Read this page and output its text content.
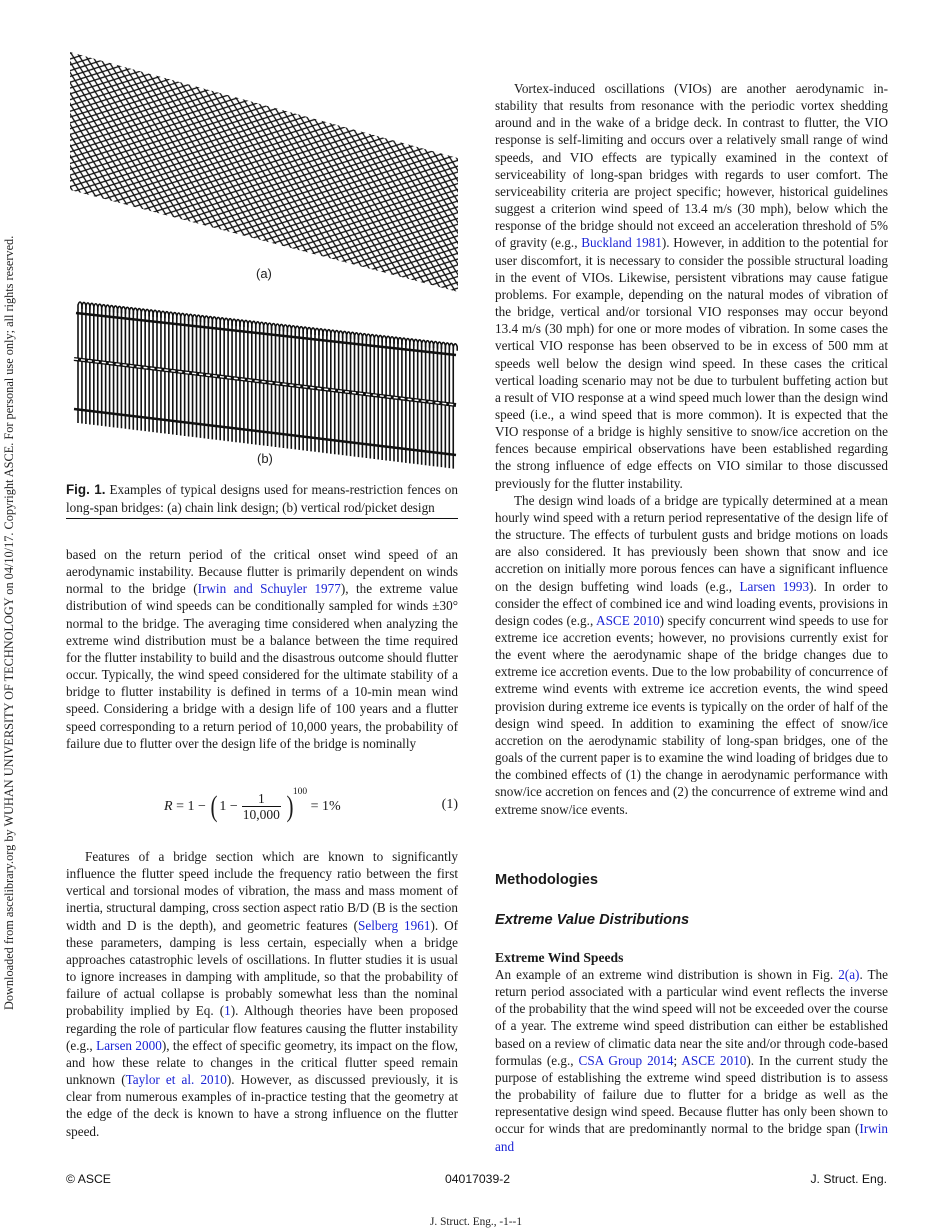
Downloaded from ascelibrary.org by WUHAN UNIVERSITY OF TECHNOLOGY on 04/10/17. Copyright ASCE. For personal use only; all rights reserved.	(a)
(b)
Fig. 1. Examples of typical designs used for means-restriction fences on long-span bridges: (a) chain link design; (b) vertical rod/picket design

based on the return period of the critical onset wind speed of an aerodynamic instability. Because flutter is primarily dependent on winds normal to the bridge (Irwin and Schuyler 1977), the extreme value distribution of wind speeds can be conditionally sampled for winds ±30° normal to the bridge. The averaging time considered when analyzing the extreme wind distribution must be a balance between the time required for the flutter instability to build and the disastrous outcome should flutter occur. Typically, the wind speed considered for the ultimate stability of a bridge to flutter instability is defined in terms of a 10-min mean wind speed. Considering a bridge with a design life of 100 years and a flutter speed corresponding to a return period of 10,000 years, the probability of failure due to flutter over the design life of the bridge is nominally

R
= 1 −
( $1 - \frac{1}{10,000}$ ) 100

= 1%	(1)

Features of a bridge section which are known to significantly influence the flutter speed include the frequency ratio between the first vertical and torsional modes of vibration, the mass and mass moment of inertia, structural damping, cross section aspect ratio B/D (B is the section width and D is the depth), and geometric features (Selberg 1961). Of these parameters, damping is less certain, especially when a bridge approaches catastrophic levels of oscillations. In flutter studies it is usual to ignore increases in damping with amplitude, so that the probability of failure of actual collapse is probably somewhat less than the nominal probability implied by Eq. (1). Although theories have been proposed regarding the role of particular flow features causing the flutter instability (e.g., Larsen 2000), the effect of specific geometry, its impact on the flow, and how these relate to changes in the critical flutter speed remain unknown (Taylor et al. 2010). However, as discussed previously, it is clear from numerous examples of in-practice testing that the geometry at the edge of the deck is known to have a strong influence on the flutter speed.

Vortex-induced oscillations (VIOs) are another aerodynamic instability that results from resonance with the periodic vortex shedding around and in the wake of a bridge deck. In contrast to flutter, the VIO response is self-limiting and occurs over a relatively small range of wind speeds, and VIO effects are typically examined in the context of serviceability of long-span bridges with regards to user comfort. The serviceability criteria are project specific; however, historical guidelines suggest a criterion wind speed of 13.4 m/s (30 mph), below which the response of the bridge should not exceed an acceleration threshold of 5% of gravity (e.g., Buckland 1981). However, in addition to the potential for user discomfort, it is necessary to consider the possible structural loading in the event of VIOs. Likewise, persistent vibrations may cause fatigue problems. For example, depending on the natural modes of vibration of the bridge, vertical and/or torsional VIO responses may occur beyond 13.4 m/s (30 mph) for one or more modes of vibration. In some cases the vertical VIO response has been observed to be in excess of 500 mm at speeds well below the design wind speed. In these cases the critical vertical loading scenario may not be due to turbulent buffeting action but a result of VIO response at a wind speed much lower than the design wind speed (i.e., a wind speed that is more common). It is expected that the VIO response of a bridge is highly sensitive to snow/ice accretion on the fences because empirical observations have been established regarding the strong influence of edge effects on VIO similar to those discussed previously for the flutter instability.

The design wind loads of a bridge are typically determined at a mean hourly wind speed with a return period representative of the design life of the structure. The effects of turbulent gusts and bridge motions on loads are also considered. It has previously been shown that snow and ice accretion on initially more porous fences can have a significant influence on the design buffeting wind loads (e.g., Larsen 1993). In order to consider the effect of combined ice and wind loading events, provisions in design codes (e.g., ASCE 2010) specify concurrent wind speeds to use for extreme ice accretion events; however, no provisions currently exist for the event where the aerodynamic shape of the bridge changes due to extreme ice accretion events. Due to the low probability of concurrence of extreme wind events with extreme ice accretion events, the wind speed provision during extreme ice events is typically on the order of half of the design wind speed. In addition to examining the effect of snow/ice accretion on the aerodynamic stability of long-span bridges, one of the goals of the current paper is to examine the wind loading of bridges due to the combined effects of (1) the change in aerodynamic performance with snow/ice accretion on fences and (2) the concurrence of extreme wind and extreme snow/ice events.

Methodologies
Extreme Value Distributions
Extreme Wind Speeds

An example of an extreme wind distribution is shown in Fig. 2(a). The return period associated with a particular wind event reflects the inverse of the probability that the wind speed will not be exceeded over the course of a year. The extreme wind speed distribution can either be established based on a review of climatic data near the site and/or through code-based formulas (e.g., CSA Group 2014; ASCE 2010). In the current study the purpose of establishing the extreme wind speed distribution is to assess the probability of failure due to flutter for a bridge as well as the representative design wind speed. Because flutter has only been shown to occur for winds that are predominantly normal to the bridge span (Irwin and

© ASCE	04017039-2	J. Struct. Eng.
J. Struct. Eng., -1--1
